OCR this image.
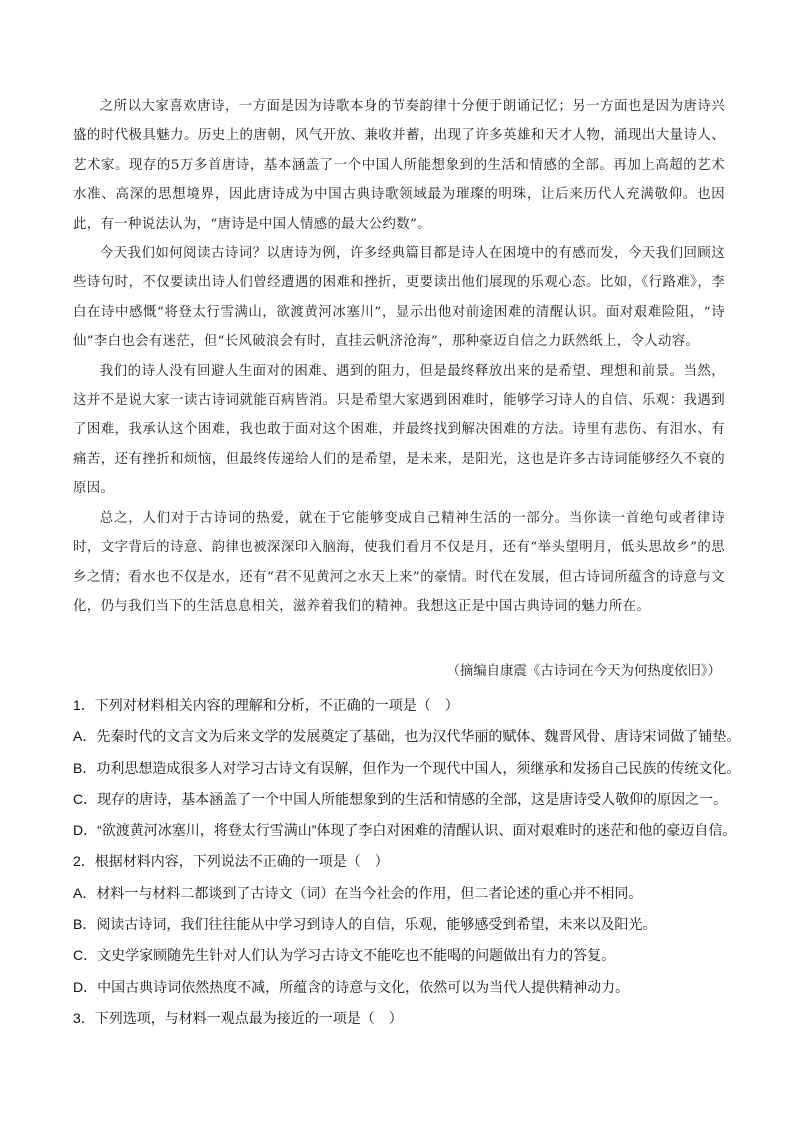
之所以大家喜欢唐诗，一方面是因为诗歌本身的节奏韵律十分便于朗诵记忆；另一方面也是因为唐诗兴盛的时代极具魅力。历史上的唐朝，风气开放、兼收并蓄，出现了许多英雄和天才人物，涌现出大量诗人、艺术家。现存的5万多首唐诗，基本涵盖了一个中国人所能想象到的生活和情感的全部。再加上高超的艺术水准、高深的思想境界，因此唐诗成为中国古典诗歌领域最为璀璨的明珠，让后来历代人充满敬仰。也因此，有一种说法认为，“唐诗是中国人情感的最大公约数”。

今天我们如何阅读古诗词？以唐诗为例，许多经典篇目都是诗人在困境中的有感而发，今天我们回顾这些诗句时，不仅要读出诗人们曾经遭遇的困难和挫折，更要读出他们展现的乐观心态。比如，《行路难》，李白在诗中感慨“将登太行雪满山，欲渡黄河冰塞川”，显示出他对前途困难的清醒认识。面对艰难险阻，“诗仙”李白也会有迷茫，但“长风破浪会有时，直挂云帆济沧海”，那种豪迈自信之力跃然纸上，令人动容。

我们的诗人没有回避人生面对的困难、遇到的阻力，但是最终释放出来的是希望、理想和前景。当然，这并不是说大家一读古诗词就能百病皆消。只是希望大家遇到困难时，能够学习诗人的自信、乐观：我遇到了困难，我承认这个困难，我也敢于面对这个困难，并最终找到解决困难的方法。诗里有悲伤、有泪水、有痛苦，还有挫折和烦恼，但最终传递给人们的是希望，是未来，是阳光，这也是许多古诗词能够经久不衰的原因。

总之，人们对于古诗词的热爱，就在于它能够变成自己精神生活的一部分。当你读一首绝句或者律诗时，文字背后的诗意、韵律也被深深印入脑海，使我们看月不仅是月，还有“举头望明月，低头思故乡”的思乡之情；看水也不仅是水，还有“君不见黄河之水天上来”的豪情。时代在发展，但古诗词所蕴含的诗意与文化，仍与我们当下的生活息息相关，滋养着我们的精神。我想这正是中国古典诗词的魅力所在。

（摘编自康震《古诗词在今天为何热度依旧》）
1．下列对材料相关内容的理解和分析，不正确的一项是（　）
A．先秦时代的文言文为后来文学的发展奠定了基础，也为汉代华丽的赋体、魏晋风骨、唐诗宋词做了铺垫。
B．功利思想造成很多人对学习古诗文有误解，但作为一个现代中国人，须继承和发扬自己民族的传统文化。
C．现存的唐诗，基本涵盖了一个中国人所能想象到的生活和情感的全部，这是唐诗受人敬仰的原因之一。
D．“欲渡黄河冰塞川，将登太行雪满山”体现了李白对困难的清醒认识、面对艰难时的迷茫和他的豪迈自信。
2．根据材料内容，下列说法不正确的一项是（　）
A．材料一与材料二都谈到了古诗文（词）在当今社会的作用，但二者论述的重心并不相同。
B．阅读古诗词，我们往往能从中学习到诗人的自信，乐观，能够感受到希望，未来以及阳光。
C．文史学家顾随先生针对人们认为学习古诗文不能吃也不能喝的问题做出有力的答复。
D．中国古典诗词依然热度不减，所蕴含的诗意与文化，依然可以为当代人提供精神动力。
3．下列选项，与材料一观点最为接近的一项是（　）
